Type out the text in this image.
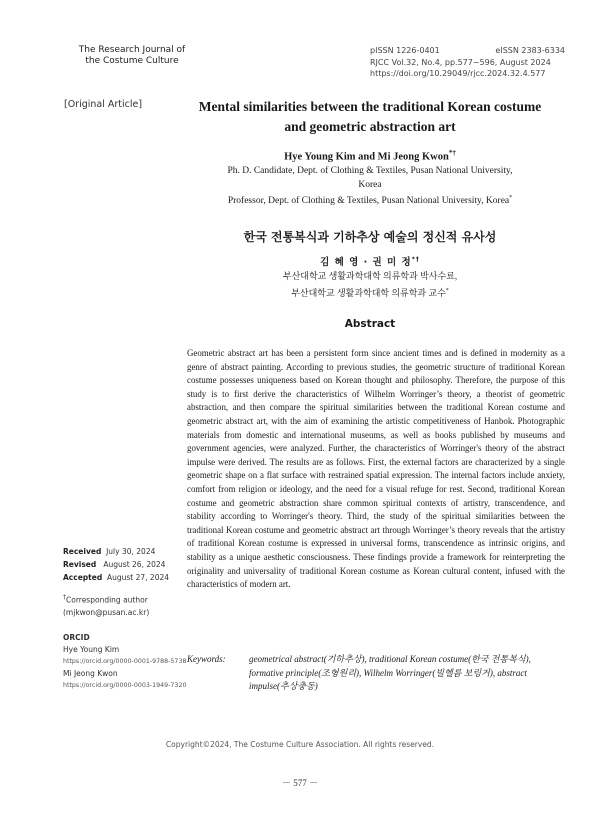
The Research Journal of
the Costume Culture
pISSN 1226-0401	eISSN 2383-6334
RJCC Vol.32, No.4, pp.577~596, August 2024
https://doi.org/10.29049/rjcc.2024.32.4.577
[Original Article]	Mental similarities between the traditional Korean costume
and geometric abstraction art
Hye Young Kim and Mi Jeong Kwon*†
Ph. D. Candidate, Dept. of Clothing & Textiles, Pusan National University,
Korea
Professor, Dept. of Clothing & Textiles, Pusan National University, Korea*
한국 전통복식과 기하추상 예술의 정신적 유사성
김 혜 영 · 권 미 정*†
부산대학교 생활과학대학 의류학과 박사수료,
부산대학교 생활과학대학 의류학과 교수*
Abstract

Geometric abstract art has been a persistent form since ancient times and is defined in modernity as a genre of abstract painting. According to previous studies, the geometric structure of traditional Korean costume possesses uniqueness based on Korean thought and philosophy. Therefore, the purpose of this study is to first derive the characteristics of Wilhelm Worringer’s theory, a theorist of geometric abstraction, and then compare the spiritual similarities between the traditional Korean costume and geometric abstract art, with the aim of examining the artistic competitiveness of Hanbok. Photographic materials from domestic and international museums, as well as books published by museums and government agencies, were analyzed. Further, the characteristics of Worringer's theory of the abstract impulse were derived. The results are as follows. First, the external factors are characterized by a single geometric shape on a flat surface with restrained spatial expression. The internal factors include anxiety, comfort from religion or ideology, and the need for a visual refuge for rest. Second, traditional Korean costume and geometric abstraction share common spiritual contexts of artistry, transcendence, and stability according to Worringer's theory. Third, the study of the spiritual similarities between the traditional Korean costume and geometric abstract art through Worringer’s theory reveals that the artistry of traditional Korean costume is expressed in universal forms, transcendence as intrinsic origins, and stability as a unique aesthetic consciousness. These findings provide a framework for reinterpreting the originality and universality of traditional Korean costume as Korean cultural content, infused with the characteristics of modern art.

Keywords:	geometrical abstract(기하추상), traditional Korean costume(한국 전통복식), formative principle(조형원리), Wilhelm Worringer(빌헬름 보링거), abstract impulse(추상충동)
Received July 30, 2024
Revised August 26, 2024
Accepted August 27, 2024
†Corresponding author
(mjkwon@pusan.ac.kr)
ORCID
Hye Young Kim
https://orcid.org/0000-0001-9788-5738
Mi Jeong Kwon
https://orcid.org/0000-0003-1949-7320
Copyright©2024, The Costume Culture Association. All rights reserved.
－ 577 －
